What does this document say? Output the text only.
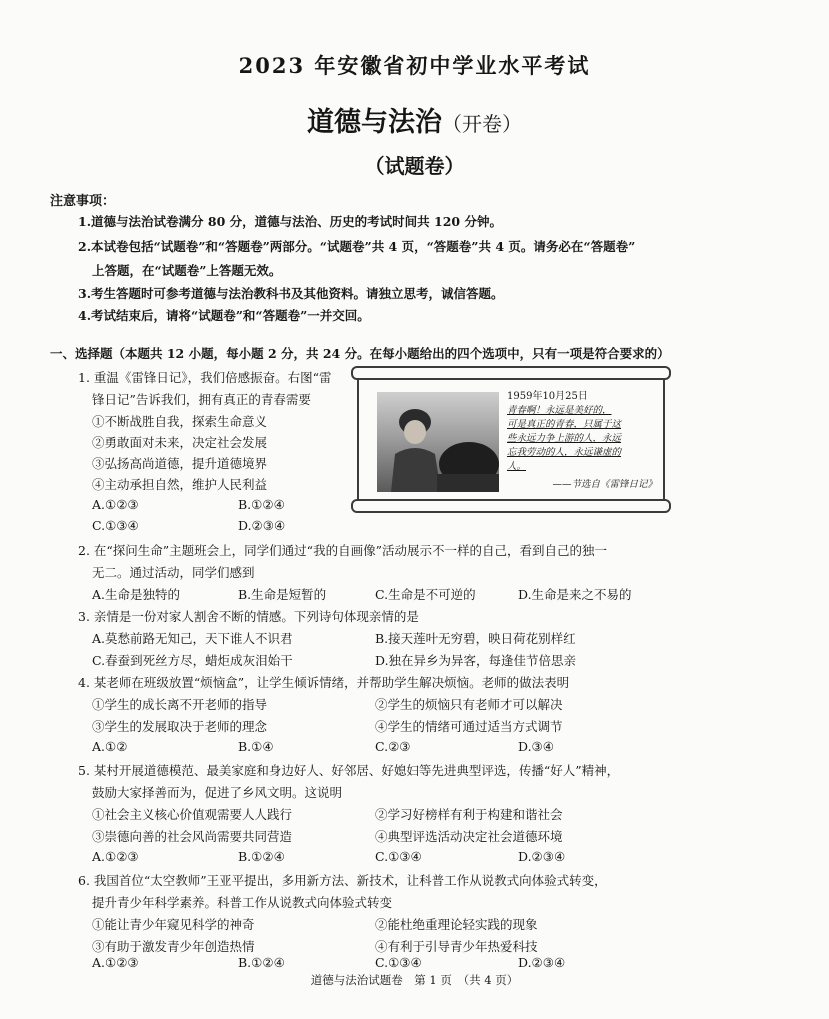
2023 年安徽省初中学业水平考试
道德与法治（开卷）
（试题卷）
注意事项：
1.道德与法治试卷满分 80 分，道德与法治、历史的考试时间共 120 分钟。
2.本试卷包括“试题卷”和“答题卷”两部分。“试题卷”共 4 页，“答题卷”共 4 页。请务必在“答题卷”
上答题，在“试题卷”上答题无效。
3.考生答题时可参考道德与法治教科书及其他资料。请独立思考，诚信答题。
4.考试结束后，请将“试题卷”和“答题卷”一并交回。
一、选择题（本题共 12 小题，每小题 2 分，共 24 分。在每小题给出的四个选项中，只有一项是符合要求的）
1. 重温《雷锋日记》，我们倍感振奋。右图“雷
锋日记”告诉我们，拥有真正的青春需要
①不断战胜自我，探索生命意义
②勇敢面对未来，决定社会发展
③弘扬高尚道德，提升道德境界
④主动承担自然，维护人民利益
A.①②③	B.①②④
C.①③④	D.②③④
1959年10月25日
青春啊！永远是美好的，
可是真正的青春，只属于这
些永远力争上游的人，永远
忘我劳动的人，永远谦虚的
人。
——节选自《雷锋日记》
2. 在“探问生命”主题班会上，同学们通过“我的自画像”活动展示不一样的自己，看到自己的独一
无二。通过活动，同学们感到
A.生命是独特的	B.生命是短暂的	C.生命是不可逆的	D.生命是来之不易的
3. 亲情是一份对家人割舍不断的情感。下列诗句体现亲情的是
A.莫愁前路无知己，天下谁人不识君	B.接天莲叶无穷碧，映日荷花别样红
C.春蚕到死丝方尽，蜡炬成灰泪始干	D.独在异乡为异客，每逢佳节倍思亲
4. 某老师在班级放置“烦恼盒”，让学生倾诉情绪，并帮助学生解决烦恼。老师的做法表明
①学生的成长离不开老师的指导	②学生的烦恼只有老师才可以解决
③学生的发展取决于老师的理念	④学生的情绪可通过适当方式调节
A.①②	B.①④	C.②③	D.③④
5. 某村开展道德模范、最美家庭和身边好人、好邻居、好媳妇等先进典型评选，传播“好人”精神，
鼓励大家择善而为，促进了乡风文明。这说明
①社会主义核心价值观需要人人践行	②学习好榜样有利于构建和谐社会
③崇德向善的社会风尚需要共同营造	④典型评选活动决定社会道德环境
A.①②③	B.①②④	C.①③④	D.②③④
6. 我国首位“太空教师”王亚平提出，多用新方法、新技术，让科普工作从说教式向体验式转变，
提升青少年科学素养。科普工作从说教式向体验式转变
①能让青少年窥见科学的神奇	②能杜绝重理论轻实践的现象
③有助于激发青少年创造热情	④有利于引导青少年热爱科技
A.①②③	B.①②④	C.①③④	D.②③④
道德与法治试题卷　第 1 页　（共 4 页）
